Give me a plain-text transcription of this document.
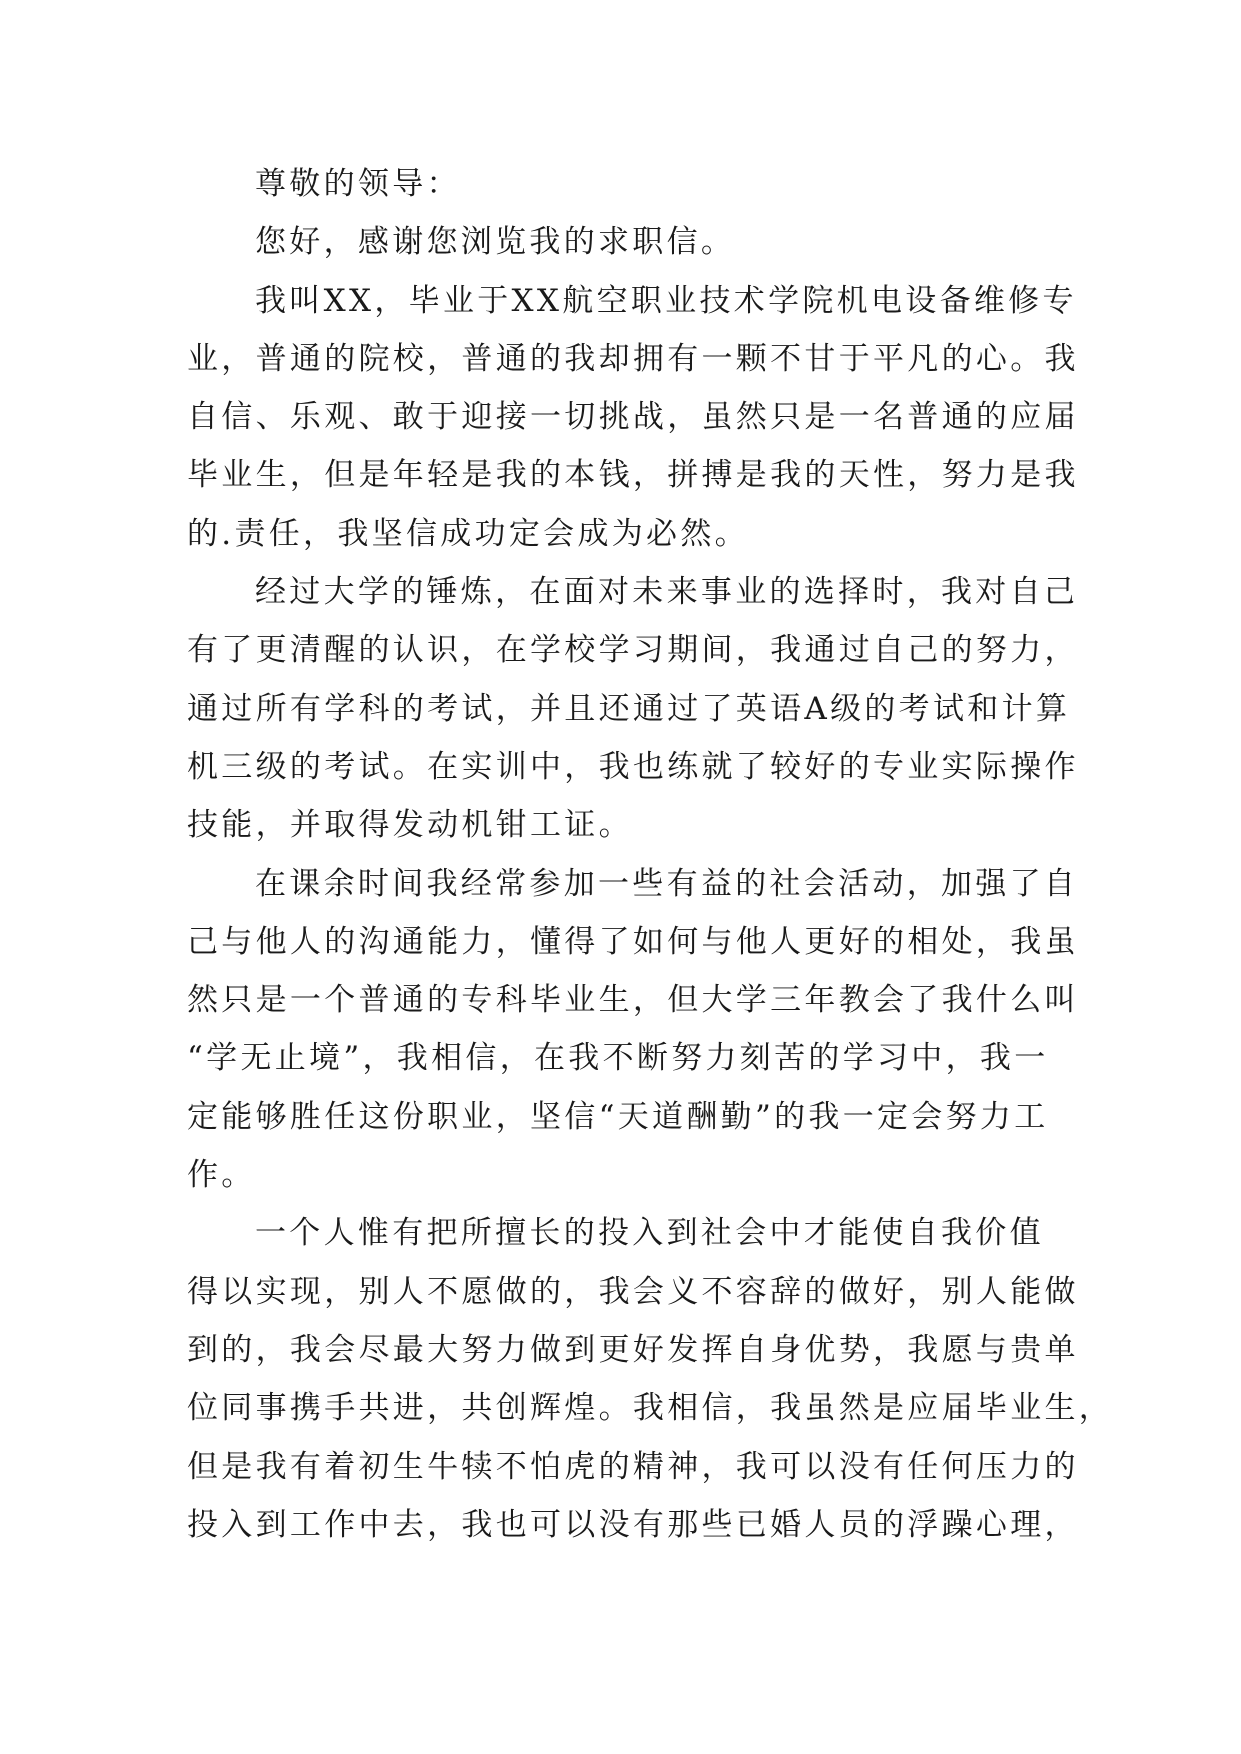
尊敬的领导：
您好，感谢您浏览我的求职信。
我叫XX，毕业于XX航空职业技术学院机电设备维修专
业，普通的院校，普通的我却拥有一颗不甘于平凡的心。我
自信、乐观、敢于迎接一切挑战，虽然只是一名普通的应届
毕业生，但是年轻是我的本钱，拼搏是我的天性，努力是我
的.责任，我坚信成功定会成为必然。
经过大学的锤炼，在面对未来事业的选择时，我对自己
有了更清醒的认识，在学校学习期间，我通过自己的努力，
通过所有学科的考试，并且还通过了英语A级的考试和计算
机三级的考试。在实训中，我也练就了较好的专业实际操作
技能，并取得发动机钳工证。
在课余时间我经常参加一些有益的社会活动，加强了自
己与他人的沟通能力，懂得了如何与他人更好的相处，我虽
然只是一个普通的专科毕业生，但大学三年教会了我什么叫
“学无止境”，我相信，在我不断努力刻苦的学习中，我一
定能够胜任这份职业，坚信“天道酬勤”的我一定会努力工
作。
一个人惟有把所擅长的投入到社会中才能使自我价值
得以实现，别人不愿做的，我会义不容辞的做好，别人能做
到的，我会尽最大努力做到更好发挥自身优势，我愿与贵单
位同事携手共进，共创辉煌。我相信，我虽然是应届毕业生，
但是我有着初生牛犊不怕虎的精神，我可以没有任何压力的
投入到工作中去，我也可以没有那些已婚人员的浮躁心理，
